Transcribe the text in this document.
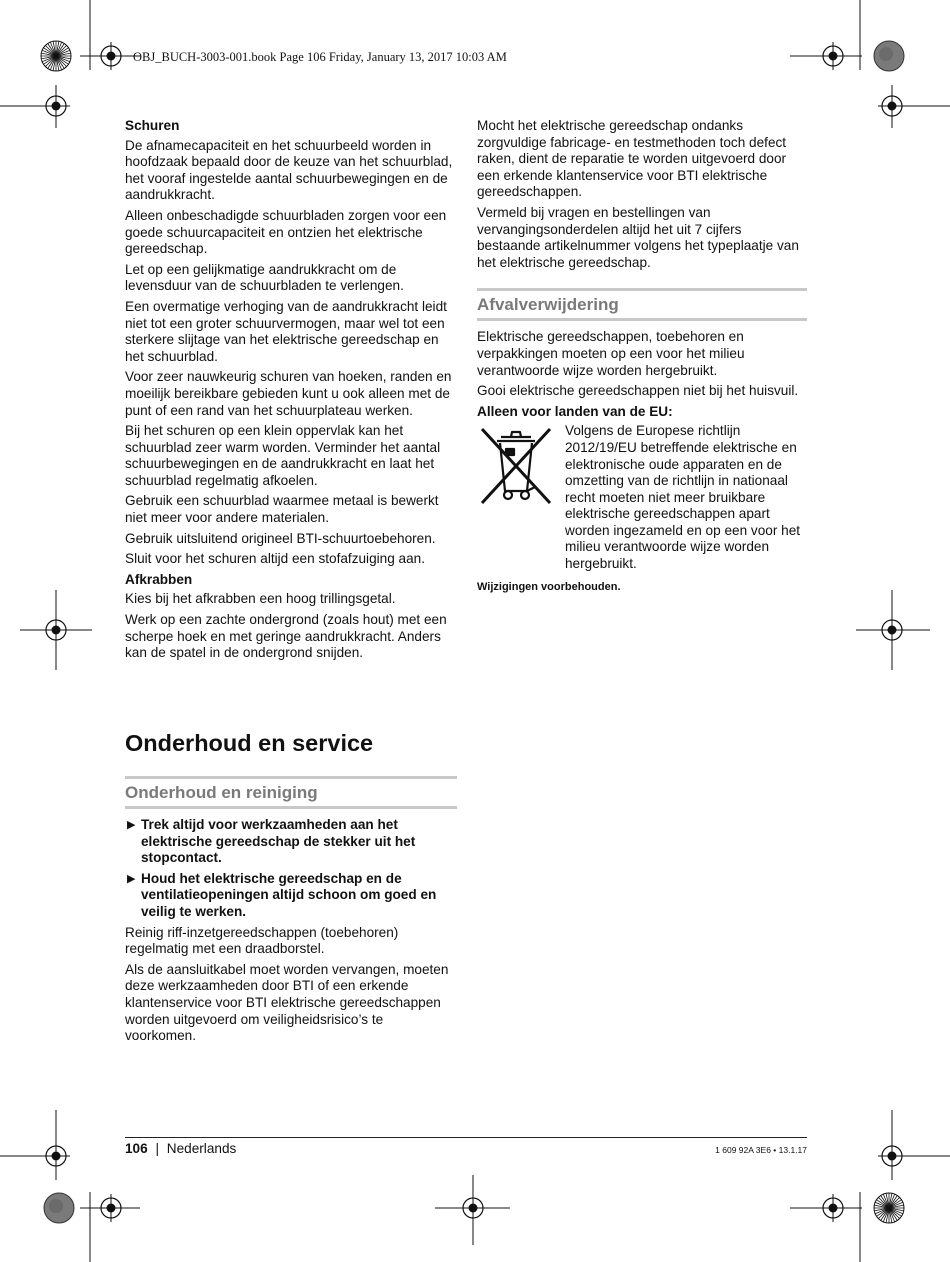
OBJ_BUCH-3003-001.book Page 106 Friday, January 13, 2017 10:03 AM
Schuren

De afnamecapaciteit en het schuurbeeld worden in hoofdzaak bepaald door de keuze van het schuurblad, het vooraf ingestelde aantal schuurbewegingen en de aandrukkracht.

Alleen onbeschadigde schuurbladen zorgen voor een goede schuurcapaciteit en ontzien het elektrische gereedschap.

Let op een gelijkmatige aandrukkracht om de levensduur van de schuurbladen te verlengen.

Een overmatige verhoging van de aandrukkracht leidt niet tot een groter schuurvermogen, maar wel tot een sterkere slijtage van het elektrische gereedschap en het schuurblad.

Voor zeer nauwkeurig schuren van hoeken, randen en moeilijk bereikbare gebieden kunt u ook alleen met de punt of een rand van het schuurplateau werken.

Bij het schuren op een klein oppervlak kan het schuurblad zeer warm worden. Verminder het aantal schuurbewegingen en de aandrukkracht en laat het schuurblad regelmatig afkoelen.

Gebruik een schuurblad waarmee metaal is bewerkt niet meer voor andere materialen.

Gebruik uitsluitend origineel BTI-schuurtoebehoren.

Sluit voor het schuren altijd een stofafzuiging aan.

Afkrabben

Kies bij het afkrabben een hoog trillingsgetal.

Werk op een zachte ondergrond (zoals hout) met een scherpe hoek en met geringe aandrukkracht. Anders kan de spatel in de ondergrond snijden.

Onderhoud en service
Onderhoud en reiniging
▶ Trek altijd voor werkzaamheden aan het elektrische gereedschap de stekker uit het stopcontact.
▶ Houd het elektrische gereedschap en de ventilatieopeningen altijd schoon om goed en veilig te werken.

Reinig riff-inzetgereedschappen (toebehoren) regelmatig met een draadborstel.

Als de aansluitkabel moet worden vervangen, moeten deze werkzaamheden door BTI of een erkende klantenservice voor BTI elektrische gereedschappen worden uitgevoerd om veiligheidsrisico’s te voorkomen.

Mocht het elektrische gereedschap ondanks zorgvuldige fabricage- en testmethoden toch defect raken, dient de reparatie te worden uitgevoerd door een erkende klantenservice voor BTI elektrische gereedschappen.

Vermeld bij vragen en bestellingen van vervangingsonderdelen altijd het uit 7 cijfers bestaande artikelnummer volgens het typeplaatje van het elektrische gereedschap.

Afvalverwijdering

Elektrische gereedschappen, toebehoren en verpakkingen moeten op een voor het milieu verantwoorde wijze worden hergebruikt.

Gooi elektrische gereedschappen niet bij het huisvuil.

Alleen voor landen van de EU:
Volgens de Europese richtlijn 2012/19/EU betreffende elektrische en elektronische oude apparaten en de omzetting van de richtlijn in nationaal recht moeten niet meer bruikbare elektrische gereedschappen apart worden ingezameld en op een voor het milieu verantwoorde wijze worden hergebruikt.
Wijzigingen voorbehouden.
106 | Nederlands	1 609 92A 3E6 • 13.1.17
